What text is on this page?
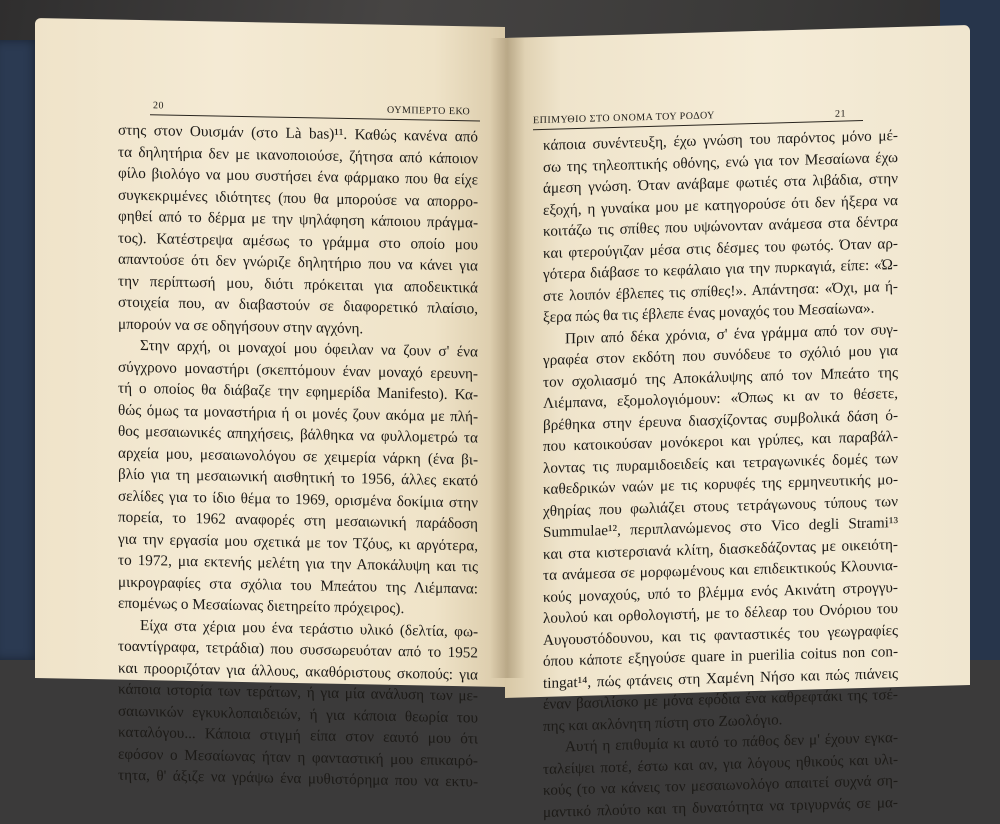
20	ΟΥΜΠΕΡΤΟ ΕΚΟ
στης στον Ουισμάν (στο Là bas)¹¹. Καθώς κανένα από
τα δηλητήρια δεν με ικανοποιούσε, ζήτησα από κάποιον
φίλο βιολόγο να μου συστήσει ένα φάρμακο που θα είχε
συγκεκριμένες ιδιότητες (που θα μπορούσε να απορρο-
φηθεί από το δέρμα με την ψηλάφηση κάποιου πράγμα-
τος). Κατέστρεψα αμέσως το γράμμα στο οποίο μου
απαντούσε ότι δεν γνώριζε δηλητήριο που να κάνει για
την περίπτωσή μου, διότι πρόκειται για αποδεικτικά
στοιχεία που, αν διαβαστούν σε διαφορετικό πλαίσιο,
μπορούν να σε οδηγήσουν στην αγχόνη.
Στην αρχή, οι μοναχοί μου όφειλαν να ζουν σ' ένα
σύγχρονο μοναστήρι (σκεπτόμουν έναν μοναχό ερευνη-
τή ο οποίος θα διάβαζε την εφημερίδα Manifesto). Κα-
θώς όμως τα μοναστήρια ή οι μονές ζουν ακόμα με πλή-
θος μεσαιωνικές απηχήσεις, βάλθηκα να φυλλομετρώ τα
αρχεία μου, μεσαιωνολόγου σε χειμερία νάρκη (ένα βι-
βλίο για τη μεσαιωνική αισθητική το 1956, άλλες εκατό
σελίδες για το ίδιο θέμα το 1969, ορισμένα δοκίμια στην
πορεία, το 1962 αναφορές στη μεσαιωνική παράδοση
για την εργασία μου σχετικά με τον Τζόυς, κι αργότερα,
το 1972, μια εκτενής μελέτη για την Αποκάλυψη και τις
μικρογραφίες στα σχόλια του Μπεάτου της Λιέμπανα:
επομένως ο Μεσαίωνας διετηρείτο πρόχειρος).
Είχα στα χέρια μου ένα τεράστιο υλικό (δελτία, φω-
τοαντίγραφα, τετράδια) που συσσωρευόταν από το 1952
και προοριζόταν για άλλους, ακαθόριστους σκοπούς: για
κάποια ιστορία των τεράτων, ή για μία ανάλυση των με-
σαιωνικών εγκυκλοπαιδειών, ή για κάποια θεωρία του
καταλόγου... Κάποια στιγμή είπα στον εαυτό μου ότι
εφόσον ο Μεσαίωνας ήταν η φανταστική μου επικαιρό-
τητα, θ' άξιζε να γράψω ένα μυθιστόρημα που να εκτυ-
ΕΠΙΜΥΘΙΟ ΣΤΟ ΟΝΟΜΑ ΤΟΥ ΡΟΔΟΥ	21
κάποια συνέντευξη, έχω γνώση του παρόντος μόνο μέ-
σω της τηλεοπτικής οθόνης, ενώ για τον Μεσαίωνα έχω
άμεση γνώση. Όταν ανάβαμε φωτιές στα λιβάδια, στην
εξοχή, η γυναίκα μου με κατηγορούσε ότι δεν ήξερα να
κοιτάζω τις σπίθες που υψώνονταν ανάμεσα στα δέντρα
και φτερούγιζαν μέσα στις δέσμες του φωτός. Όταν αρ-
γότερα διάβασε το κεφάλαιο για την πυρκαγιά, είπε: «Ώ-
στε λοιπόν έβλεπες τις σπίθες!». Απάντησα: «Όχι, μα ή-
ξερα πώς θα τις έβλεπε ένας μοναχός του Μεσαίωνα».
Πριν από δέκα χρόνια, σ' ένα γράμμα από τον συγ-
γραφέα στον εκδότη που συνόδευε το σχόλιό μου για
τον σχολιασμό της Αποκάλυψης από τον Μπεάτο της
Λιέμπανα, εξομολογιόμουν: «Όπως κι αν το θέσετε,
βρέθηκα στην έρευνα διασχίζοντας συμβολικά δάση ό-
που κατοικούσαν μονόκεροι και γρύπες, και παραβάλ-
λοντας τις πυραμιδοειδείς και τετραγωνικές δομές των
καθεδρικών ναών με τις κορυφές της ερμηνευτικής μο-
χθηρίας που φωλιάζει στους τετράγωνους τύπους των
Summulae¹², περιπλανώμενος στο Vico degli Strami¹³
και στα κιστερσιανά κλίτη, διασκεδάζοντας με οικειότη-
τα ανάμεσα σε μορφωμένους και επιδεικτικούς Κλουνια-
κούς μοναχούς, υπό το βλέμμα ενός Ακινάτη στρογγυ-
λουλού και ορθολογιστή, με το δέλεαρ του Ονόριου του
Αυγουστόδουνου, και τις φανταστικές του γεωγραφίες
όπου κάποτε εξηγούσε quare in puerilia coitus non con-
tingat¹⁴, πώς φτάνεις στη Χαμένη Νήσο και πώς πιάνεις
έναν βασιλίσκο με μόνα εφόδια ένα καθρεφτάκι της τσέ-
πης και ακλόνητη πίστη στο Ζωολόγιο.
Αυτή η επιθυμία κι αυτό το πάθος δεν μ' έχουν εγκα-
ταλείψει ποτέ, έστω και αν, για λόγους ηθικούς και υλι-
κούς (το να κάνεις τον μεσαιωνολόγο απαιτεί συχνά ση-
μαντικό πλούτο και τη δυνατότητα να τριγυρνάς σε μα-
